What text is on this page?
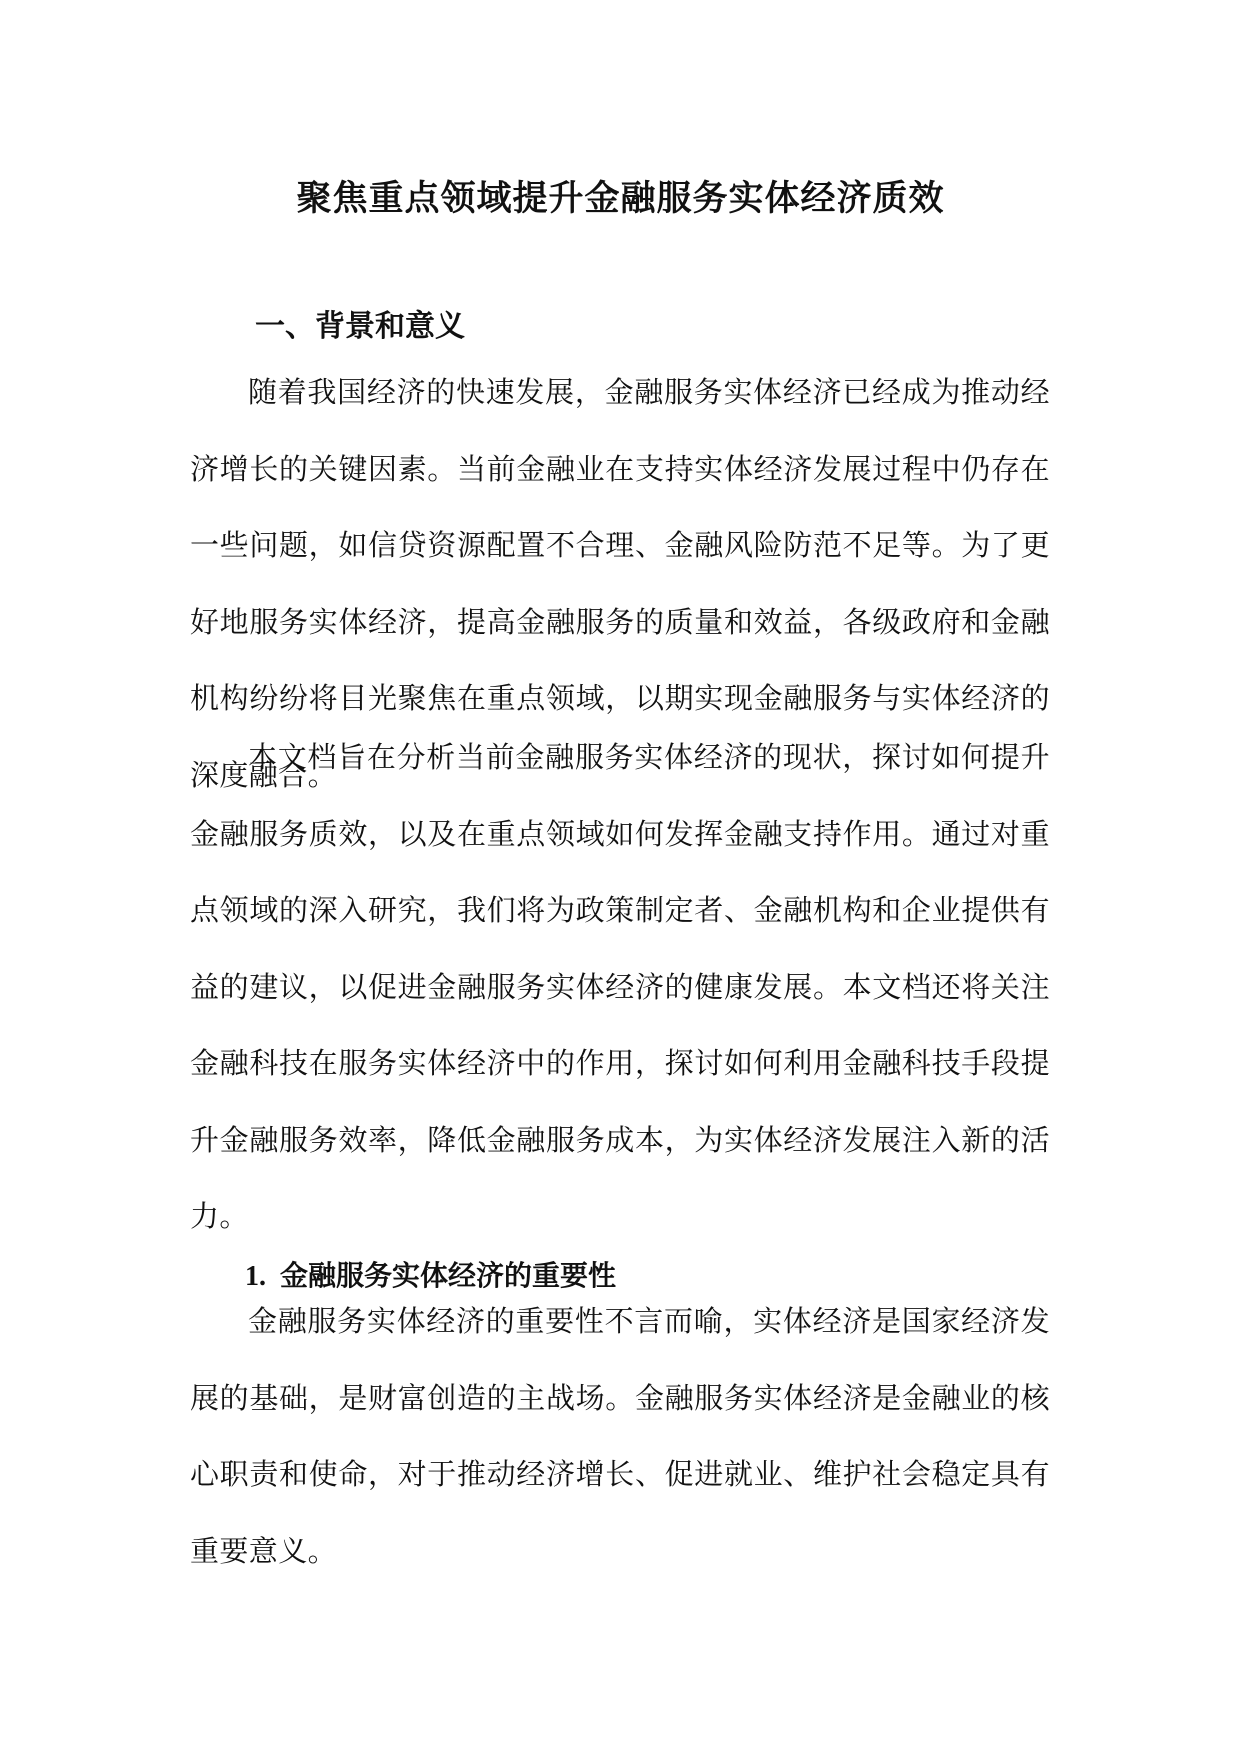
聚焦重点领域提升金融服务实体经济质效
一、背景和意义

随着我国经济的快速发展，金融服务实体经济已经成为推动经济增长的关键因素。当前金融业在支持实体经济发展过程中仍存在一些问题，如信贷资源配置不合理、金融风险防范不足等。为了更好地服务实体经济，提高金融服务的质量和效益，各级政府和金融机构纷纷将目光聚焦在重点领域，以期实现金融服务与实体经济的深度融合。

本文档旨在分析当前金融服务实体经济的现状，探讨如何提升金融服务质效，以及在重点领域如何发挥金融支持作用。通过对重点领域的深入研究，我们将为政策制定者、金融机构和企业提供有益的建议，以促进金融服务实体经济的健康发展。本文档还将关注金融科技在服务实体经济中的作用，探讨如何利用金融科技手段提升金融服务效率，降低金融服务成本，为实体经济发展注入新的活力。

1. 金融服务实体经济的重要性

金融服务实体经济的重要性不言而喻，实体经济是国家经济发展的基础，是财富创造的主战场。金融服务实体经济是金融业的核心职责和使命，对于推动经济增长、促进就业、维护社会稳定具有重要意义。
